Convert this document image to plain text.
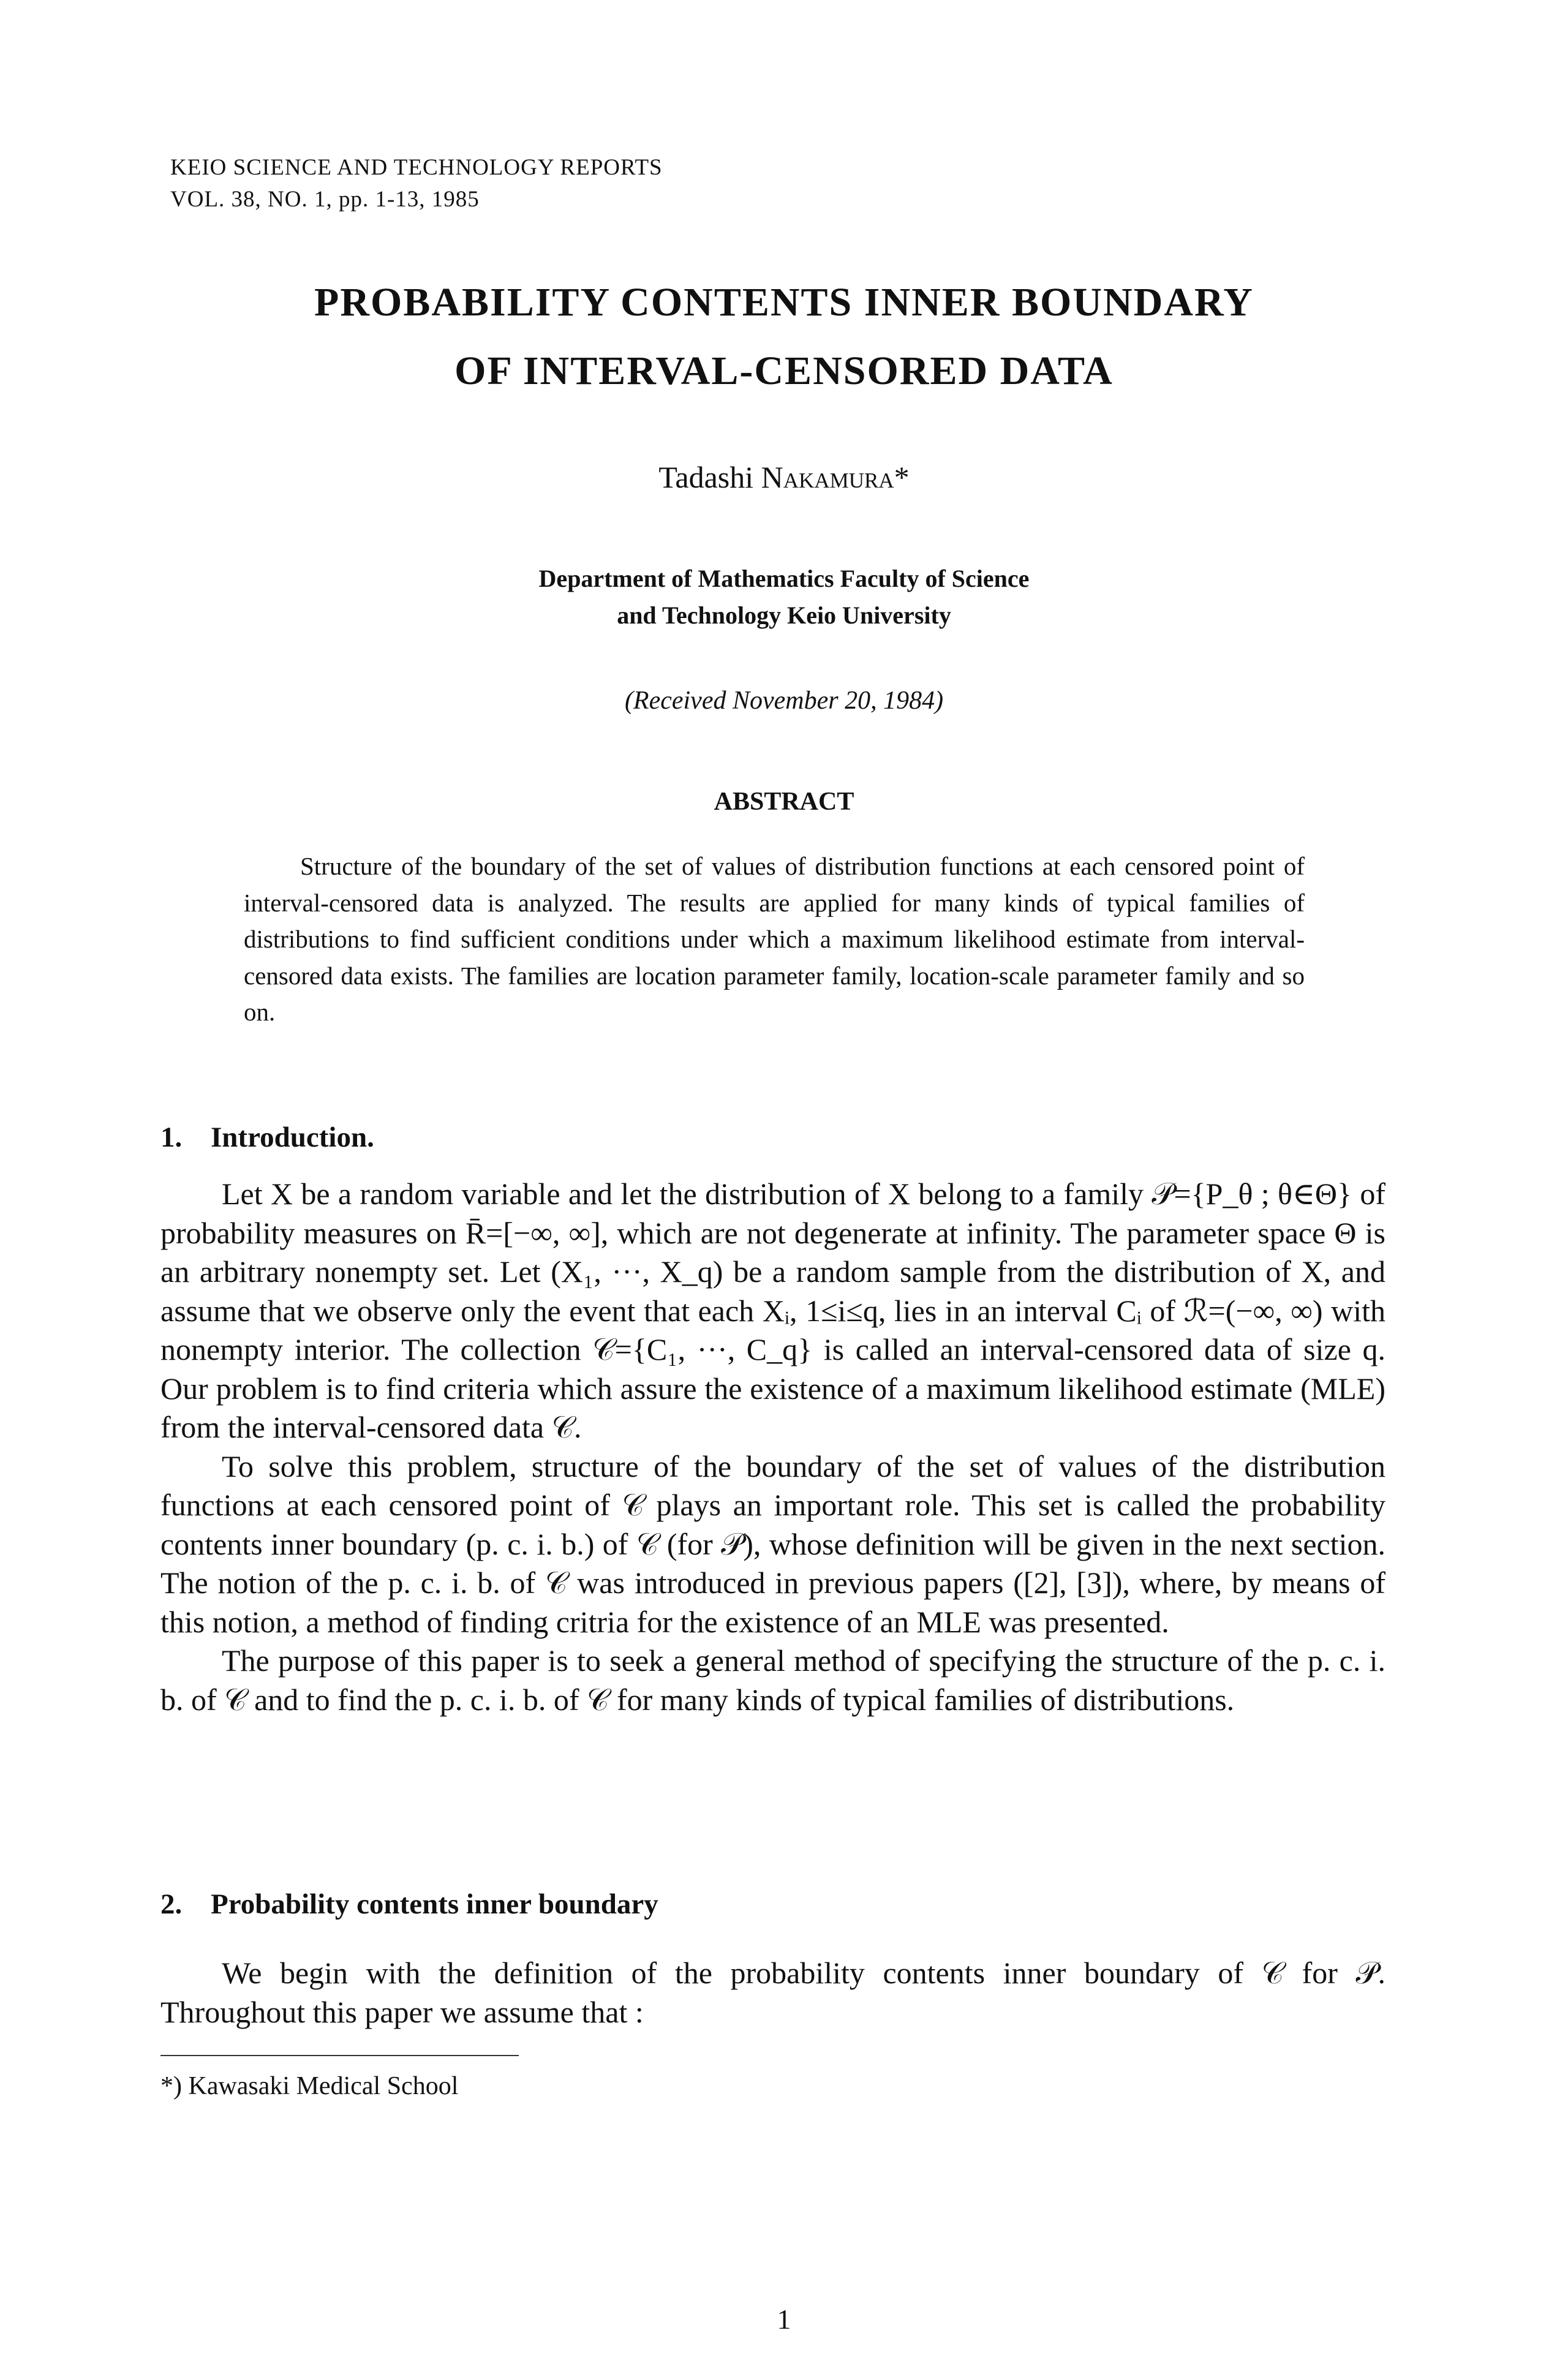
KEIO SCIENCE AND TECHNOLOGY REPORTS
VOL. 38, NO. 1, pp. 1-13, 1985
PROBABILITY CONTENTS INNER BOUNDARY
OF INTERVAL-CENSORED DATA
Tadashi Nakamura*
Department of Mathematics Faculty of Science
and Technology Keio University
(Received November 20, 1984)
ABSTRACT
Structure of the boundary of the set of values of distribution functions at each censored point of interval-censored data is analyzed. The results are applied for many kinds of typical families of distributions to find sufficient conditions under which a maximum likelihood estimate from interval-censored data exists. The families are location parameter family, location-scale parameter family and so on.
1. Introduction.

Let X be a random variable and let the distribution of X belong to a family 𝒫={P_θ ; θ∈Θ} of probability measures on R̄=[−∞, ∞], which are not degenerate at infinity. The parameter space Θ is an arbitrary nonempty set. Let (X₁, ···, X_q) be a random sample from the distribution of X, and assume that we observe only the event that each Xᵢ, 1≤i≤q, lies in an interval Cᵢ of ℛ=(−∞, ∞) with nonempty interior. The collection 𝒞={C₁, ···, C_q} is called an interval-censored data of size q. Our problem is to find criteria which assure the existence of a maximum likelihood estimate (MLE) from the interval-censored data 𝒞.

To solve this problem, structure of the boundary of the set of values of the distribution functions at each censored point of 𝒞 plays an important role. This set is called the probability contents inner boundary (p. c. i. b.) of 𝒞 (for 𝒫), whose definition will be given in the next section. The notion of the p. c. i. b. of 𝒞 was introduced in previous papers ([2], [3]), where, by means of this notion, a method of finding critria for the existence of an MLE was presented.

The purpose of this paper is to seek a general method of specifying the structure of the p. c. i. b. of 𝒞 and to find the p. c. i. b. of 𝒞 for many kinds of typical families of distributions.

2. Probability contents inner boundary

We begin with the definition of the probability contents inner boundary of 𝒞 for 𝒫. Throughout this paper we assume that :

*) Kawasaki Medical School
1
